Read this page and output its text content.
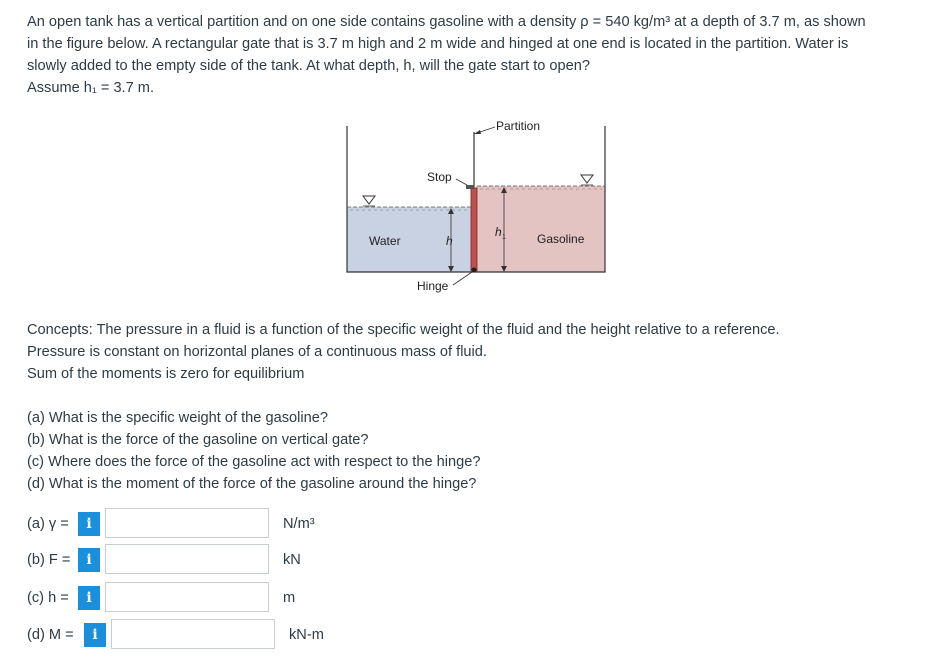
An open tank has a vertical partition and on one side contains gasoline with a density ρ = 540 kg/m³ at a depth of 3.7 m, as shown

in the figure below. A rectangular gate that is 3.7 m high and 2 m wide and hinged at one end is located in the partition. Water is

slowly added to the empty side of the tank. At what depth, h, will the gate start to open?

Assume h₁ = 3.7 m.

Partition
Stop
Water	h
h 1	Gasoline
Hinge

Concepts: The pressure in a fluid is a function of the specific weight of the fluid and the height relative to a reference.

Pressure is constant on horizontal planes of a continuous mass of fluid.

Sum of the moments is zero for equilibrium

(a) What is the specific weight of the gasoline?

(b) What is the force of the gasoline on vertical gate?

(c) Where does the force of the gasoline act with respect to the hinge?

(d) What is the moment of the force of the gasoline around the hinge?

(a) γ =	i	N/m³
(b) F =	i	kN
(c) h =	i	m
(d) M =	i	kN-m
